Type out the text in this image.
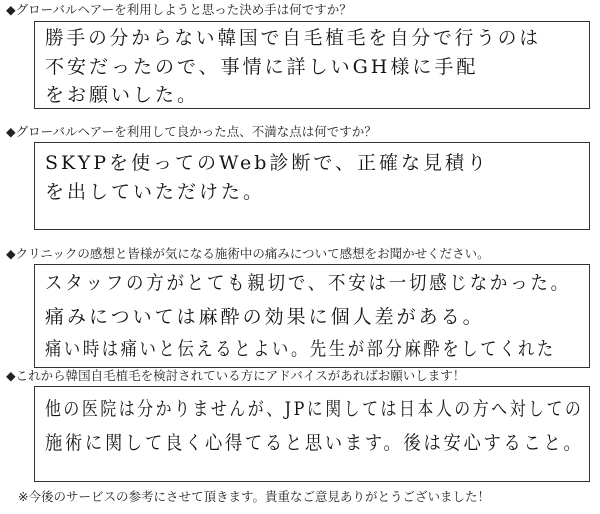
◆グローバルヘアーを利用しようと思った決め手は何ですか？
勝手の分からない韓国で自毛植毛を自分で行うのは
不安だったので、事情に詳しいGH様に手配
をお願いした。
◆グローバルヘアーを利用して良かった点、不満な点は何ですか？
SKYPを使ってのWeb診断で、正確な見積り
を出していただけた。
◆クリニックの感想と皆様が気になる施術中の痛みについて感想をお聞かせください。
スタッフの方がとても親切で、不安は一切感じなかった。
痛みについては麻酔の効果に個人差がある。
痛い時は痛いと伝えるとよい。先生が部分麻酔をしてくれた
◆これから韓国自毛植毛を検討されている方にアドバイスがあればお願いします！
他の医院は分かりませんが、JPに関しては日本人の方へ対しての
施術に関して良く心得てると思います。後は安心すること。
※今後のサービスの参考にさせて頂きます。貴重なご意見ありがとうございました！
